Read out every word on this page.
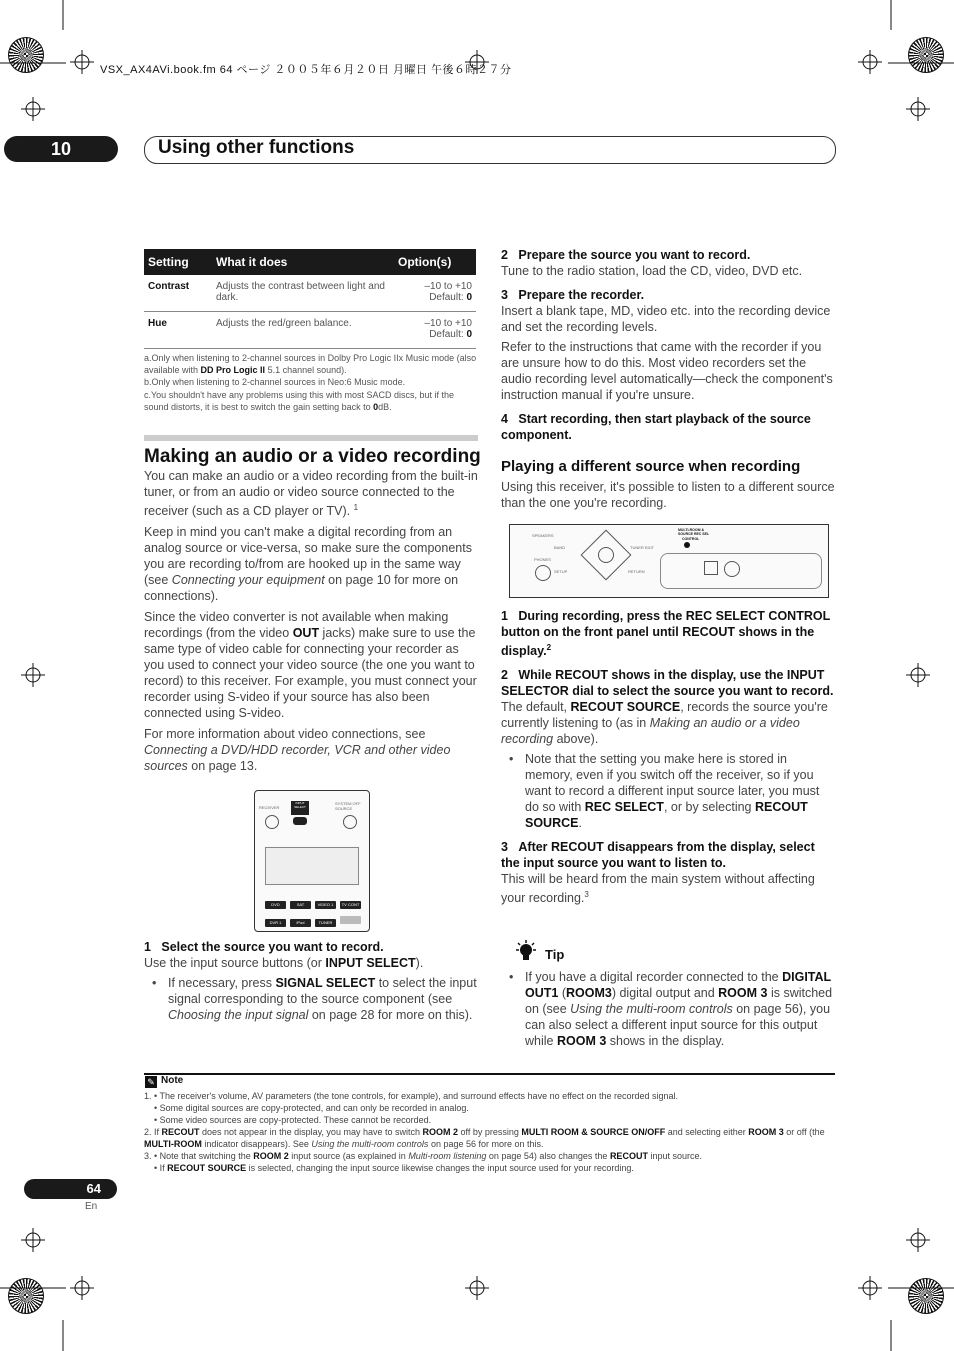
VSX_AX4AVi.book.fm 64 ページ ２００５年６月２０日 月曜日 午後６時２７分
10	Using other functions
Setting	What it does	Option(s)
Contrast	Adjusts the contrast between light and dark.	–10 to +10
Default: 0
Hue	Adjusts the red/green balance.	–10 to +10
Default: 0
a.Only when listening to 2-channel sources in Dolby Pro Logic IIx Music mode (also available with DD Pro Logic II 5.1 channel sound).
b.Only when listening to 2-channel sources in Neo:6 Music mode.
c.You shouldn't have any problems using this with most SACD discs, but if the sound distorts, it is best to switch the gain setting back to 0dB.
Making an audio or a video recording
You can make an audio or a video recording from the built-in tuner, or from an audio or video source connected to the receiver (such as a CD player or TV). $^1$
Keep in mind you can't make a digital recording from an analog source or vice-versa, so make sure the components you are recording to/from are hooked up in the same way (see Connecting your equipment on page 10 for more on connections).
Since the video converter is not available when making recordings (from the video OUT jacks) make sure to use the same type of video cable for connecting your recorder as you used to connect your video source (the one you want to record) to this receiver. For example, you must connect your recorder using S-video if your source has also been connected using S-video.
For more information about video connections, see Connecting a DVD/HDD recorder, VCR and other video sources on page 13.
RECEIVER
INPUT SELECT
SYSTEM OFF SOURCE
DVD	SAT	VIDEO 1 TV CONT
DVR 1	iPod	TUNER
1 Select the source you want to record.
Use the input source buttons (or INPUT SELECT).
• If necessary, press SIGNAL SELECT to select the input signal corresponding to the source component (see Choosing the input signal on page 28 for more on this).
2 Prepare the source you want to record.
Tune to the radio station, load the CD, video, DVD etc.
3 Prepare the recorder.
Insert a blank tape, MD, video etc. into the recording device and set the recording levels.
Refer to the instructions that came with the recorder if you are unsure how to do this. Most video recorders set the audio recording level automatically—check the component's instruction manual if you're unsure.
4 Start recording, then start playback of the source component.
Playing a different source when recording
Using this receiver, it's possible to listen to a different source than the one you're recording.
SPEAKERS
PHONES
BAND	TUNER EDIT
SETUP	RETURN
MULTI-ROOM & SOURCE REC SEL
CONTROL
1 During recording, press the REC SELECT CONTROL button on the front panel until RECOUT shows in the display.$^2$
2 While RECOUT shows in the display, use the INPUT SELECTOR dial to select the source you want to record.
The default, RECOUT SOURCE, records the source you're currently listening to (as in Making an audio or a video recording above).
• Note that the setting you make here is stored in memory, even if you switch off the receiver, so if you want to record a different input source later, you must do so with REC SELECT, or by selecting RECOUT SOURCE.
3 After RECOUT disappears from the display, select the input source you want to listen to.
This will be heard from the main system without affecting your recording.$^3$
Tip
• If you have a digital recorder connected to the DIGITAL OUT1 (ROOM3) digital output and ROOM 3 is switched on (see Using the multi-room controls on page 56), you can also select a different input source for this output while ROOM 3 shows in the display.
✎ Note
1. • The receiver's volume, AV parameters (the tone controls, for example), and surround effects have no effect on the recorded signal.
• Some digital sources are copy-protected, and can only be recorded in analog.
• Some video sources are copy-protected. These cannot be recorded.
2. If RECOUT does not appear in the display, you may have to switch ROOM 2 off by pressing MULTI ROOM & SOURCE ON/OFF and selecting either ROOM 3 or off (the MULTI-ROOM indicator disappears). See Using the multi-room controls on page 56 for more on this.
3. • Note that switching the ROOM 2 input source (as explained in Multi-room listening on page 54) also changes the RECOUT input source.
• If RECOUT SOURCE is selected, changing the input source likewise changes the input source used for your recording.
64
En
